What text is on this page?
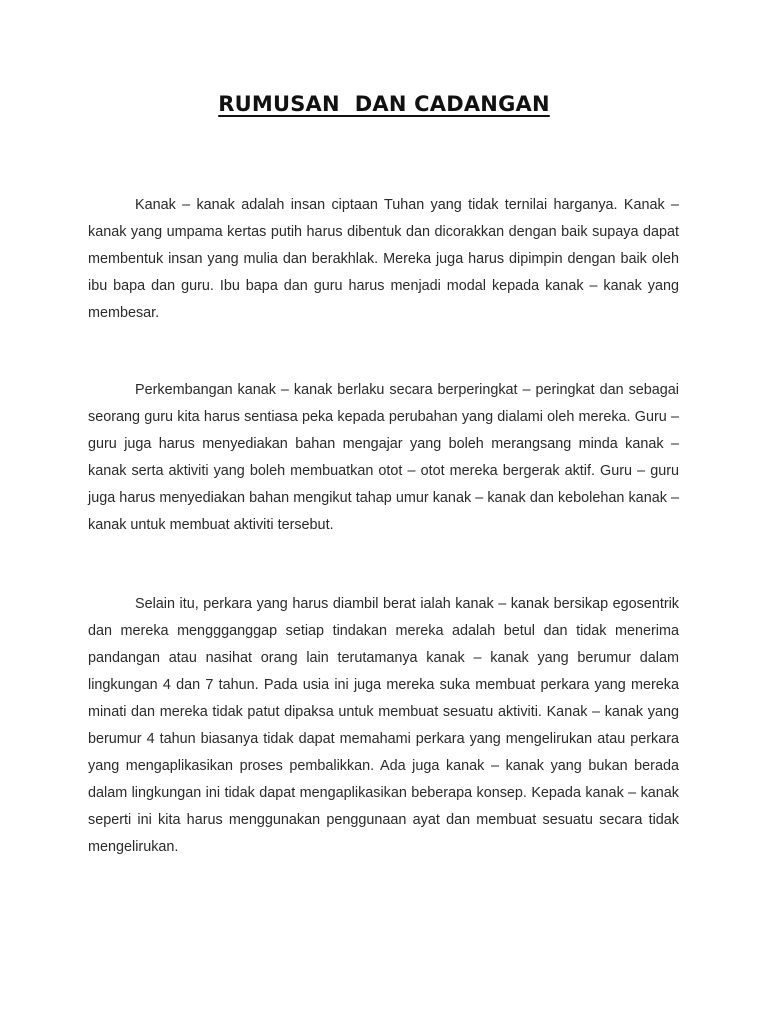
RUMUSAN  DAN CADANGAN

Kanak – kanak adalah insan ciptaan Tuhan yang tidak ternilai harganya. Kanak – kanak yang umpama kertas putih harus dibentuk dan dicorakkan dengan baik supaya dapat membentuk insan yang mulia dan berakhlak. Mereka juga harus dipimpin dengan baik oleh ibu bapa dan guru. Ibu bapa dan guru harus menjadi modal kepada kanak – kanak yang membesar.

Perkembangan kanak – kanak berlaku secara berperingkat – peringkat dan sebagai seorang guru kita harus sentiasa peka kepada perubahan yang dialami oleh mereka. Guru – guru juga harus menyediakan bahan mengajar yang boleh merangsang minda kanak – kanak serta aktiviti yang boleh membuatkan otot – otot mereka bergerak aktif. Guru – guru juga harus menyediakan bahan mengikut tahap umur kanak – kanak dan kebolehan kanak – kanak untuk membuat aktiviti tersebut.

Selain itu, perkara yang harus diambil berat ialah kanak – kanak bersikap egosentrik dan mereka menggganggap setiap tindakan mereka adalah betul dan tidak menerima pandangan atau nasihat orang lain terutamanya kanak – kanak yang berumur dalam lingkungan 4 dan 7 tahun. Pada usia ini juga mereka suka membuat perkara yang mereka minati dan mereka tidak patut dipaksa untuk membuat sesuatu aktiviti. Kanak – kanak yang berumur 4 tahun biasanya tidak dapat memahami perkara yang mengelirukan atau perkara yang mengaplikasikan proses pembalikkan. Ada juga kanak – kanak yang bukan berada dalam lingkungan ini tidak dapat mengaplikasikan beberapa konsep. Kepada kanak – kanak seperti ini kita harus menggunakan penggunaan ayat dan membuat sesuatu secara tidak mengelirukan.
